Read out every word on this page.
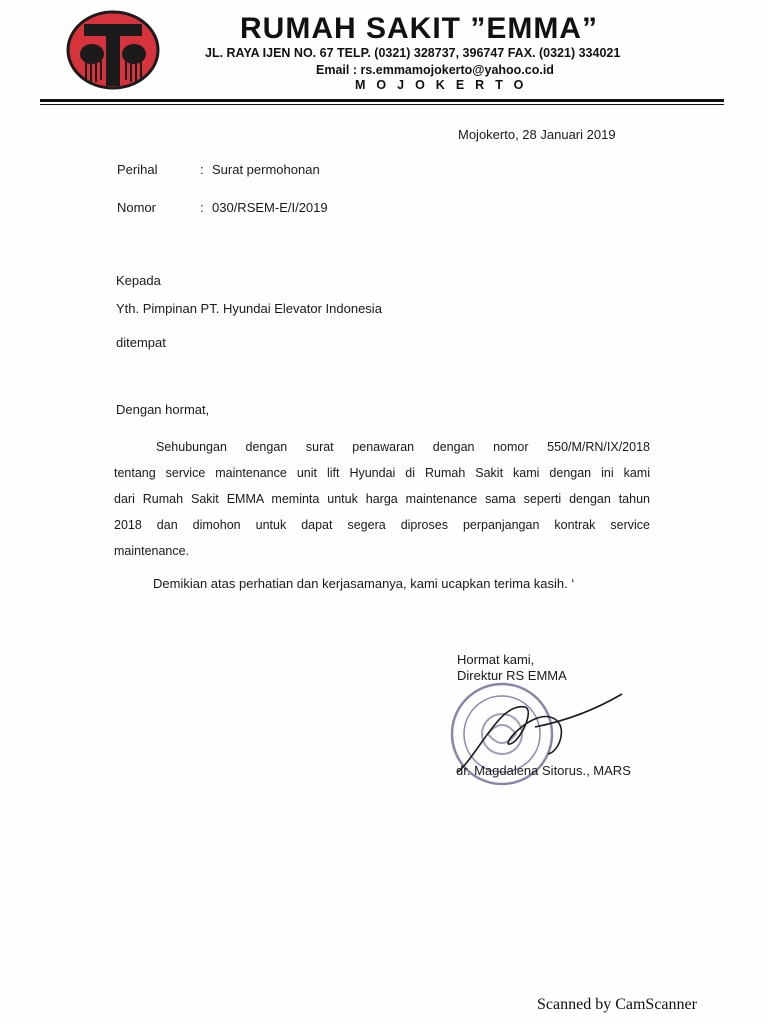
RUMAH SAKIT ”EMMA”
JL. RAYA IJEN NO. 67 TELP. (0321) 328737, 396747 FAX. (0321) 334021
Email : rs.emmamojokerto@yahoo.co.id
MOJOKERTO
Mojokerto, 28 Januari 2019
Perihal	: Surat permohonan
Nomor	: 030/RSEM-E/I/2019
Kepada
Yth. Pimpinan PT. Hyundai Elevator Indonesia
ditempat
Dengan hormat,
Sehubungan dengan surat penawaran dengan nomor 550/M/RN/IX/2018
tentang service maintenance unit lift Hyundai di Rumah Sakit kami dengan ini kami
dari Rumah Sakit EMMA meminta untuk harga maintenance sama seperti dengan tahun
2018 dan dimohon untuk dapat segera diproses perpanjangan kontrak service
maintenance.
Demikian atas perhatian dan kerjasamanya, kami ucapkan terima kasih. ‘
Hormat kami,
Direktur RS EMMA
dr. Magdalena Sitorus., MARS
Scanned by CamScanner
